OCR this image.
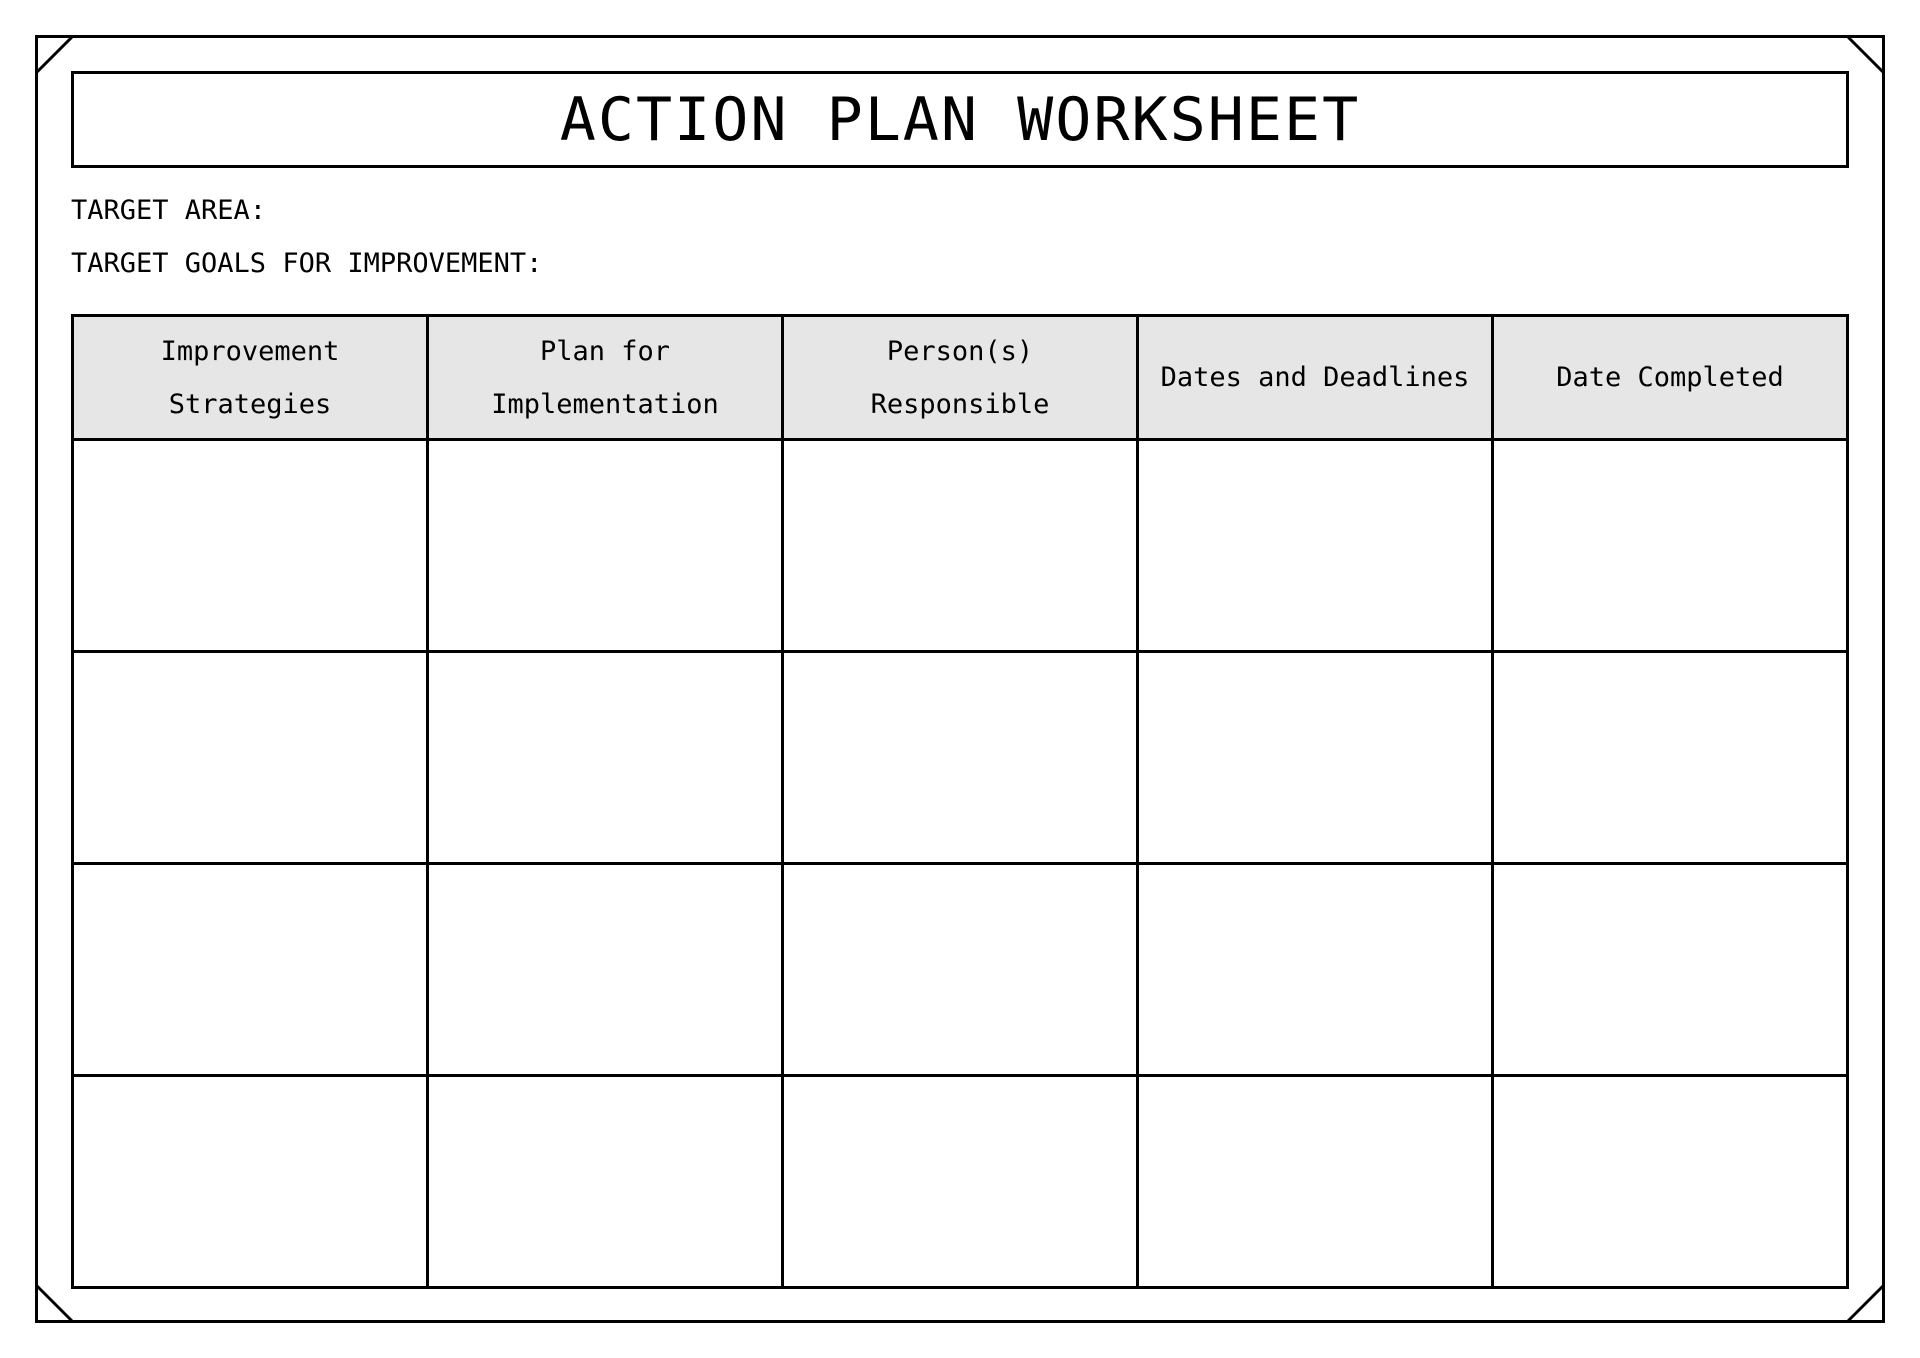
ACTION PLAN WORKSHEET
TARGET AREA:
TARGET GOALS FOR IMPROVEMENT:
Improvement Strategies	Plan for Implementation	Person(s) Responsible	Dates and Deadlines	Date Completed
